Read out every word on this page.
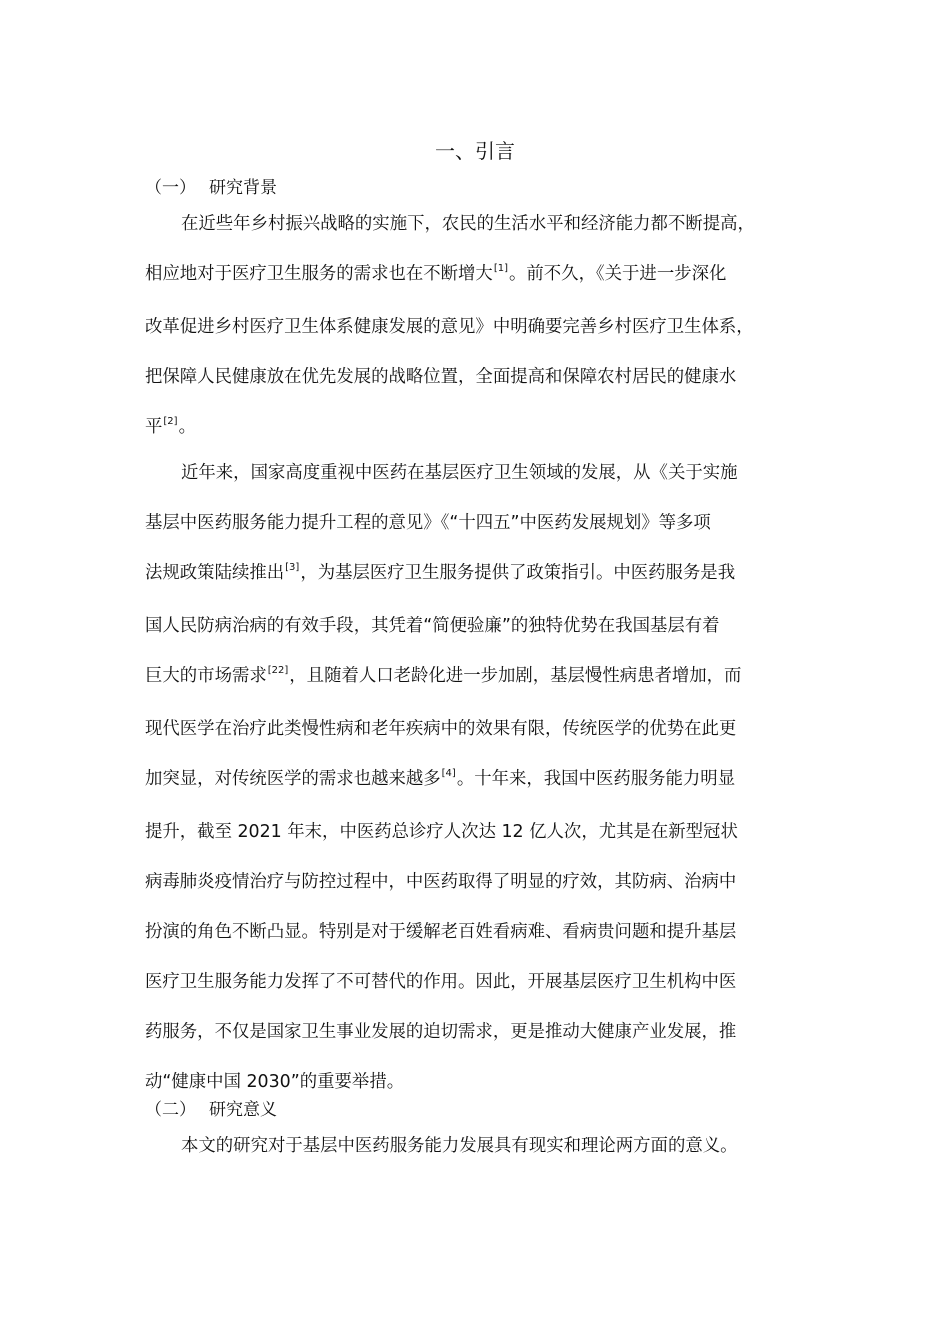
一、引言
（一） 研究背景
在近些年乡村振兴战略的实施下，农民的生活水平和经济能力都不断提高，
相应地对于医疗卫生服务的需求也在不断增大[1]。前不久，《关于进一步深化
改革促进乡村医疗卫生体系健康发展的意见》中明确要完善乡村医疗卫生体系，
把保障人民健康放在优先发展的战略位置，全面提高和保障农村居民的健康水
平[2]。
近年来，国家高度重视中医药在基层医疗卫生领域的发展，从《关于实施
基层中医药服务能力提升工程的意见》《“十四五”中医药发展规划》等多项
法规政策陆续推出[3]，为基层医疗卫生服务提供了政策指引。中医药服务是我
国人民防病治病的有效手段，其凭着“简便验廉”的独特优势在我国基层有着
巨大的市场需求[22]，且随着人口老龄化进一步加剧，基层慢性病患者增加，而
现代医学在治疗此类慢性病和老年疾病中的效果有限，传统医学的优势在此更
加突显，对传统医学的需求也越来越多[4]。十年来，我国中医药服务能力明显
提升，截至 2021 年末，中医药总诊疗人次达 12 亿人次，尤其是在新型冠状
病毒肺炎疫情治疗与防控过程中，中医药取得了明显的疗效，其防病、治病中
扮演的角色不断凸显。特别是对于缓解老百姓看病难、看病贵问题和提升基层
医疗卫生服务能力发挥了不可替代的作用。因此，开展基层医疗卫生机构中医
药服务，不仅是国家卫生事业发展的迫切需求，更是推动大健康产业发展，推
动“健康中国 2030”的重要举措。
（二） 研究意义
本文的研究对于基层中医药服务能力发展具有现实和理论两方面的意义。
